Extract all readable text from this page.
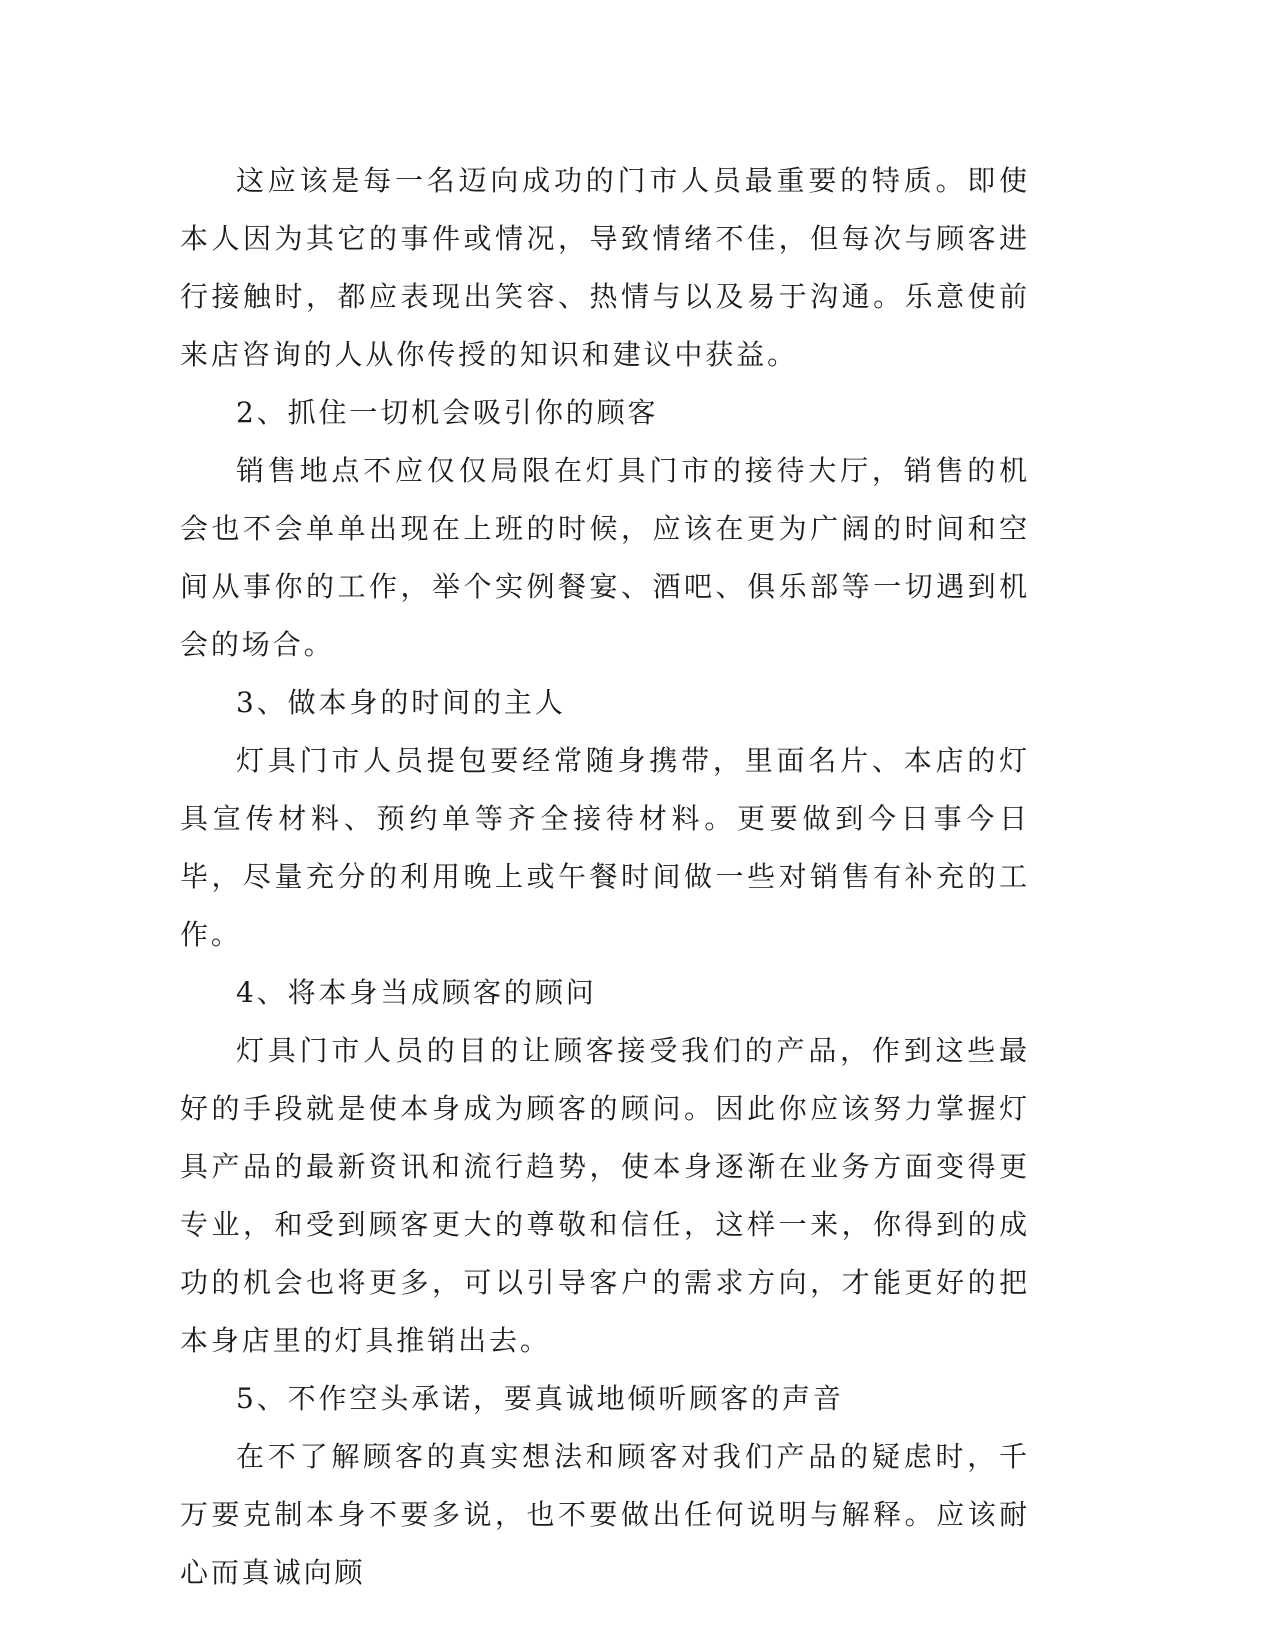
这应该是每一名迈向成功的门市人员最重要的特质。即使本人因为其它的事件或情况，导致情绪不佳，但每次与顾客进行接触时，都应表现出笑容、热情与以及易于沟通。乐意使前来店咨询的人从你传授的知识和建议中获益。

2、抓住一切机会吸引你的顾客

销售地点不应仅仅局限在灯具门市的接待大厅，销售的机会也不会单单出现在上班的时候，应该在更为广阔的时间和空间从事你的工作，举个实例餐宴、酒吧、俱乐部等一切遇到机会的场合。

3、做本身的时间的主人

灯具门市人员提包要经常随身携带，里面名片、本店的灯具宣传材料、预约单等齐全接待材料。更要做到今日事今日毕，尽量充分的利用晚上或午餐时间做一些对销售有补充的工作。

4、将本身当成顾客的顾问

灯具门市人员的目的让顾客接受我们的产品，作到这些最好的手段就是使本身成为顾客的顾问。因此你应该努力掌握灯具产品的最新资讯和流行趋势，使本身逐渐在业务方面变得更专业，和受到顾客更大的尊敬和信任，这样一来，你得到的成功的机会也将更多，可以引导客户的需求方向，才能更好的把本身店里的灯具推销出去。

5、不作空头承诺，要真诚地倾听顾客的声音

在不了解顾客的真实想法和顾客对我们产品的疑虑时，千万要克制本身不要多说，也不要做出任何说明与解释。应该耐心而真诚向顾
